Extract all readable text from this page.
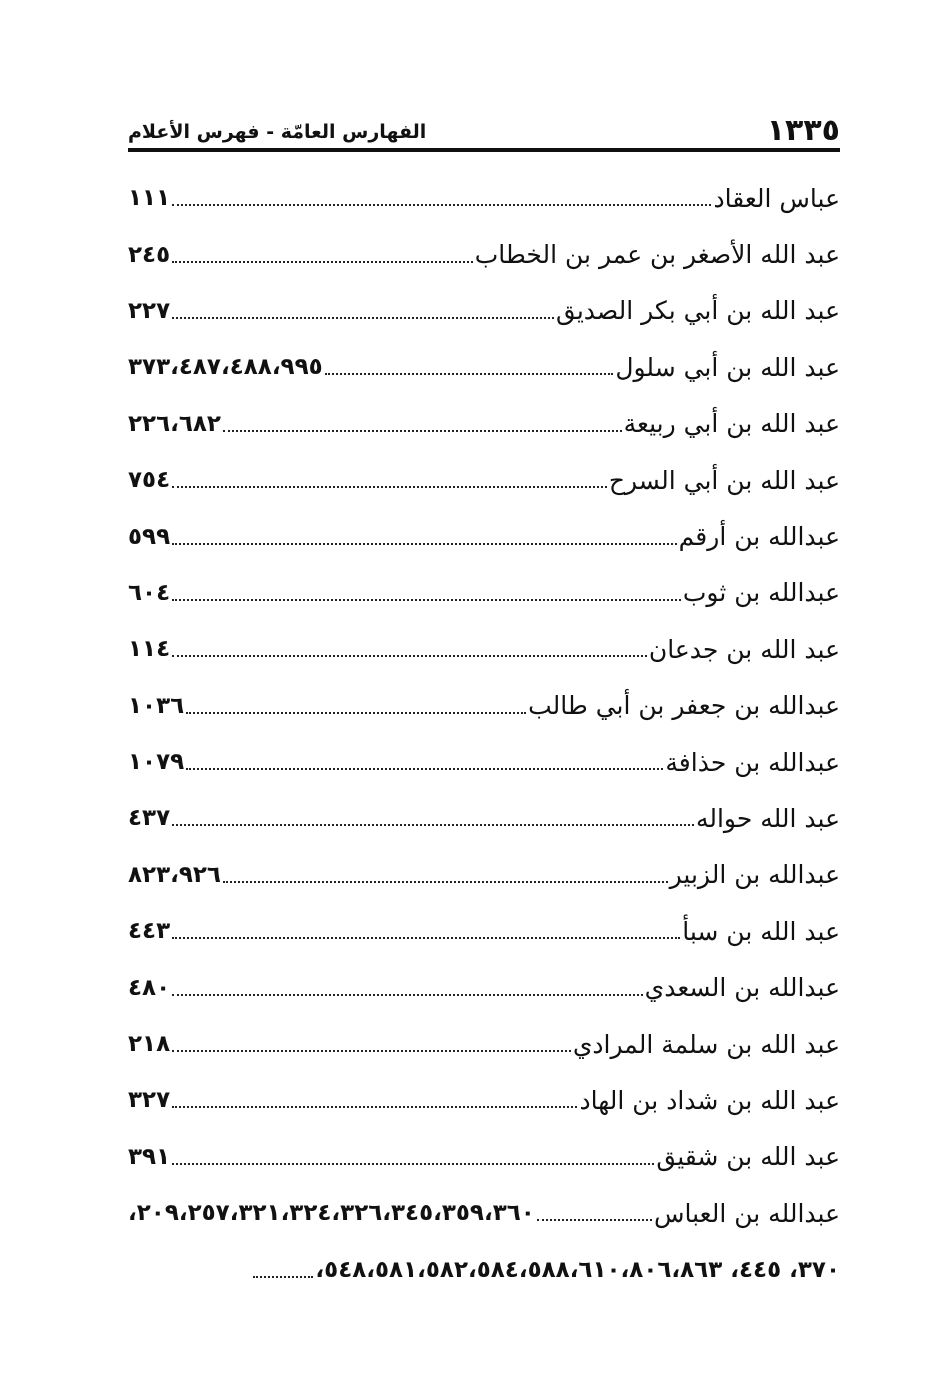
١٣٣٥
الفهارس العامّة - فهرس الأعلام
عباس العقاد
١١١
عبد الله الأصغر بن عمر بن الخطاب
٢٤٥
عبد الله بن أبي بكر الصديق
٢٢٧
عبد الله بن أبي سلول
٣٧٣،٤٨٧،٤٨٨،٩٩٥
عبد الله بن أبي ربيعة
٢٢٦،٦٨٢
عبد الله بن أبي السرح
٧٥٤
عبدالله بن أرقم
٥٩٩
عبدالله بن ثوب
٦٠٤
عبد الله بن جدعان
١١٤
عبدالله بن جعفر بن أبي طالب
١٠٣٦
عبدالله بن حذافة
١٠٧٩
عبد الله حواله
٤٣٧
عبدالله بن الزبير
٨٢٣،٩٢٦
عبد الله بن سبأ
٤٤٣
عبدالله بن السعدي
٤٨٠
عبد الله بن سلمة المرادي
٢١٨
عبد الله بن شداد بن الهاد
٣٢٧
عبد الله بن شقيق
٣٩١
عبدالله بن العباس
٢٠٩،٢٥٧،٣٢١،٣٢٤،٣٢٦،٣٤٥،٣٥٩،٣٦٠،
٣٧٠، ٤٤٥، ٥٤٨،٥٨١،٥٨٢،٥٨٤،٥٨٨،٦١٠،٨٠٦،٨٦٣،
